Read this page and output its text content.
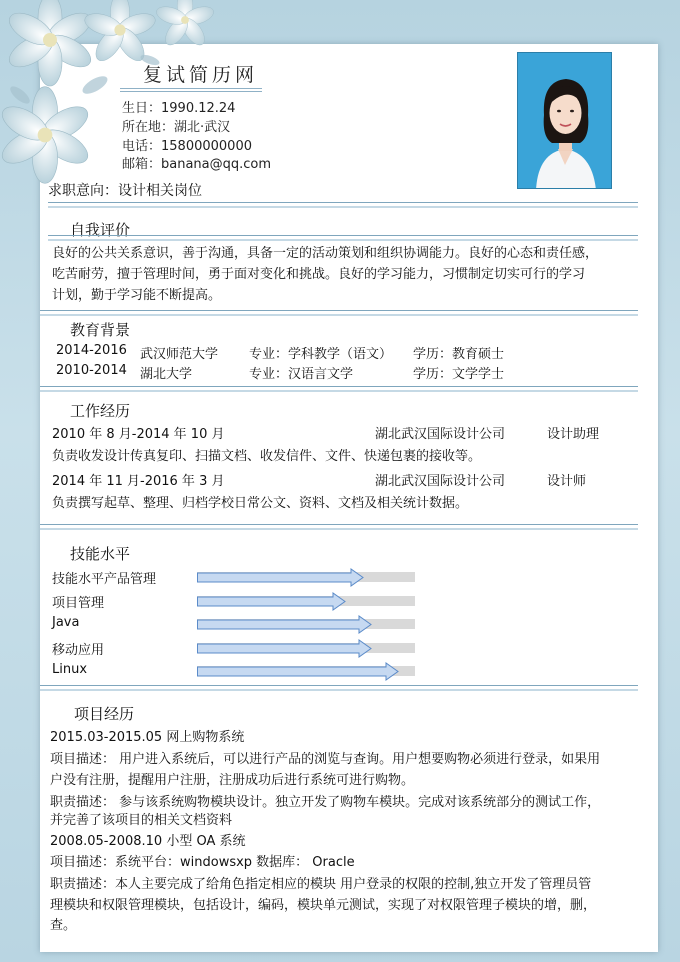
复试简历网
生日：1990.12.24
所在地：湖北·武汉
电话：15800000000
邮箱：banana@qq.com
求职意向：设计相关岗位
自我评价
良好的公共关系意识，善于沟通，具备一定的活动策划和组织协调能力。良好的心态和责任感，
吃苦耐劳，擅于管理时间，勇于面对变化和挑战。良好的学习能力，习惯制定切实可行的学习
计划，勤于学习能不断提高。
教育背景
2014-2016 武汉师范大学 专业：学科教学（语文） 学历：教育硕士
2010-2014 湖北大学	专业：汉语言文学	学历：文学学士
工作经历
2010 年 8 月-2014 年 10 月	湖北武汉国际设计公司	设计助理
负责收发设计传真复印、扫描文档、收发信件、文件、快递包裹的接收等。
2014 年 11 月-2016 年 3 月	湖北武汉国际设计公司	设计师
负责撰写起草、整理、归档学校日常公文、资料、文档及相关统计数据。
技能水平
技能水平产品管理
项目管理
Java
移动应用
Linux
项目经历
2015.03-2015.05 网上购物系统
项目描述： 用户进入系统后，可以进行产品的浏览与查询。用户想要购物必须进行登录，如果用
户没有注册，提醒用户注册，注册成功后进行系统可进行购物。
职责描述： 参与该系统购物模块设计。独立开发了购物车模块。完成对该系统部分的测试工作，
并完善了该项目的相关文档资料
2008.05-2008.10 小型 OA 系统
项目描述：系统平台：windowsxp 数据库： Oracle
职责描述：本人主要完成了给角色指定相应的模块 用户登录的权限的控制,独立开发了管理员管
理模块和权限管理模块，包括设计，编码，模块单元测试，实现了对权限管理子模块的增，删，
查。
